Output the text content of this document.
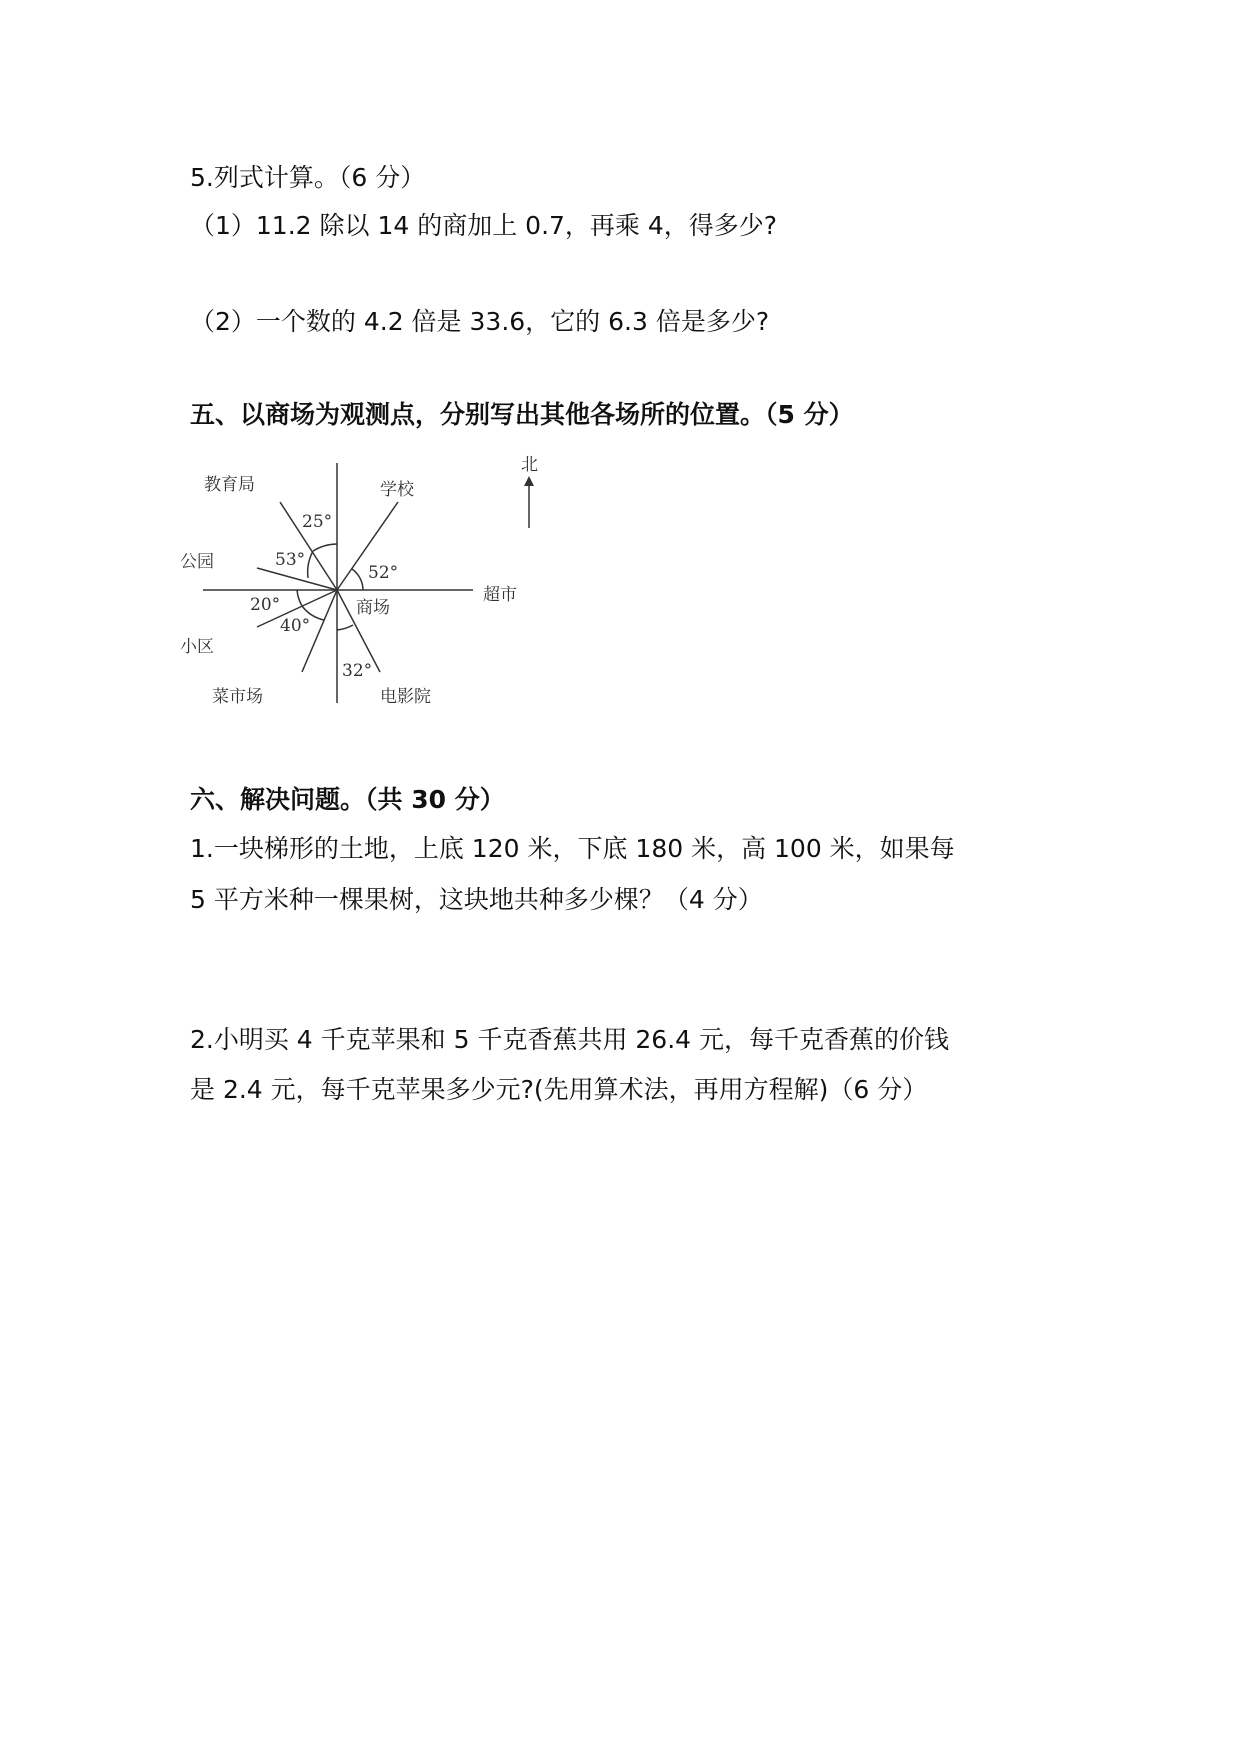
5.列式计算。（6 分）
（1）11.2 除以 14 的商加上 0.7，再乘 4，得多少?
（2）一个数的 4.2 倍是 33.6，它的 6.3 倍是多少?
五、以商场为观测点，分别写出其他各场所的位置。（5 分）
北
教育局	学校
公园
超市
小区
菜市场	电影院
商场
25°
53°
52°
20°
40°
32°
六、解决问题。（共 30 分）
1.一块梯形的土地，上底 120 米，下底 180 米，高 100 米，如果每
5 平方米种一棵果树，这块地共种多少棵？（4 分）
2.小明买 4 千克苹果和 5 千克香蕉共用 26.4 元，每千克香蕉的价钱
是 2.4 元，每千克苹果多少元?(先用算术法，再用方程解)（6 分）
